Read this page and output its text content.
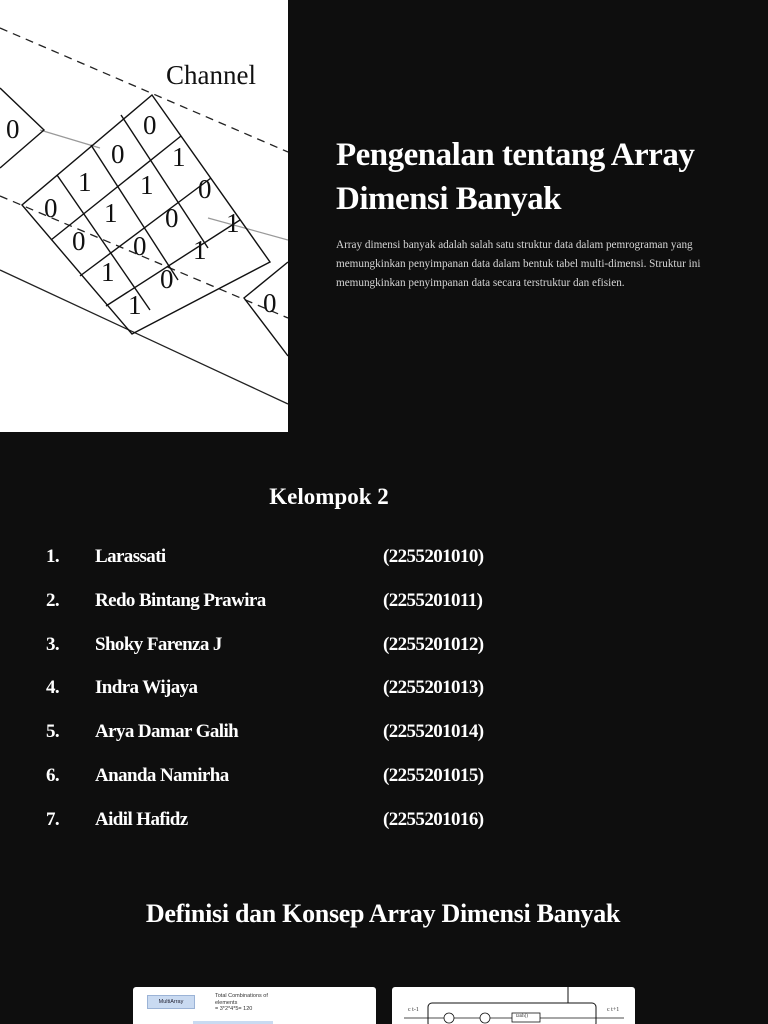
Channel
0	0
0 1
1 1 0
0 1 0 1
0 0 1
1 0
1	0
Pengenalan tentang Array Dimensi Banyak

Array dimensi banyak adalah salah satu struktur data dalam pemrograman yang memungkinkan penyimpanan data dalam bentuk tabel multi-dimensi. Struktur ini memungkinkan penyimpanan data secara terstruktur dan efisien.

Kelompok 2
1. Larassati	(2255201010)
2. Redo Bintang Prawira	(2255201011)
3. Shoky Farenza J	(2255201012)
4. Indra Wijaya	(2255201013)
5. Arya Damar Galih	(2255201014)
6. Ananda Namirha	(2255201015)
7. Aidil Hafidz	(2255201016)
Definisi dan Konsep Array Dimensi Banyak
MultiArray
Total Combinations of
elements
= 3*2*4*5= 120	c t-1	c t+1
tanh()
